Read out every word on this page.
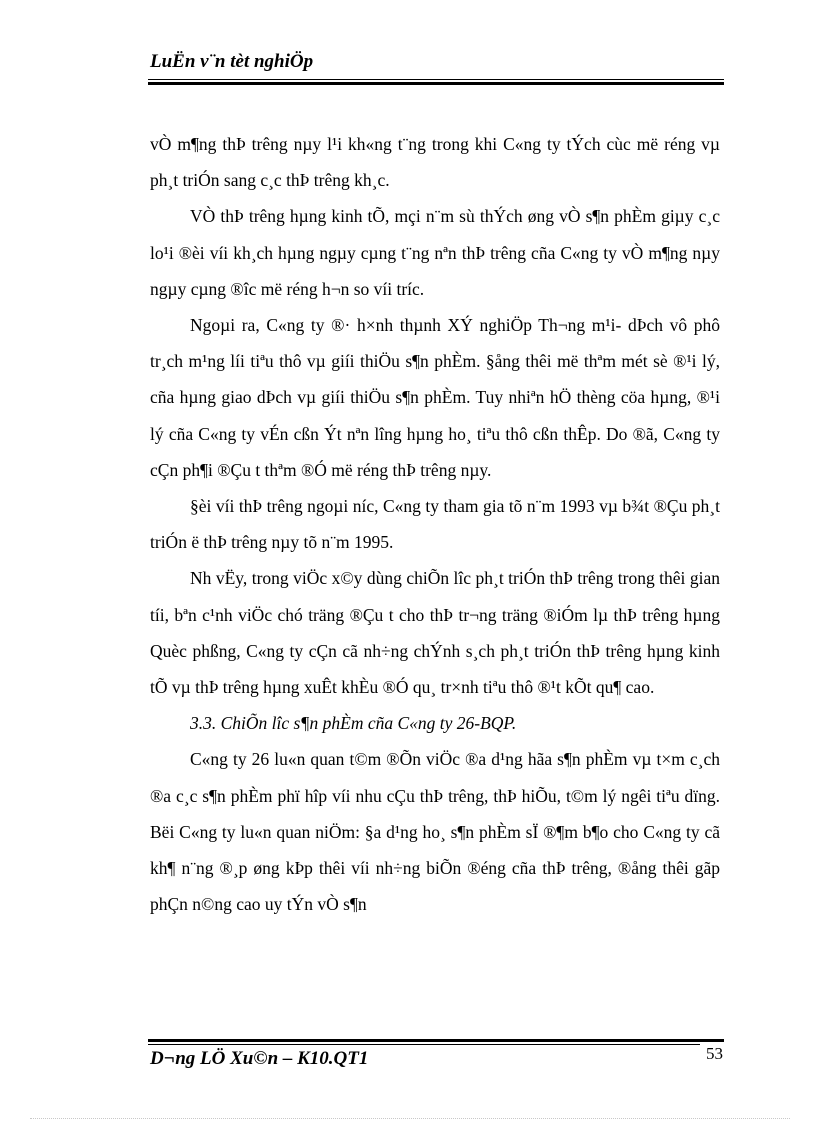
LuËn v¨n tèt nghiÖp

vÒ m¶ng thÞ trêng nµy l¹i kh«ng t¨ng trong khi C«ng ty tÝch cùc më réng vµ ph¸t triÓn sang c¸c thÞ trêng kh¸c.

VÒ thÞ trêng hµng kinh tÕ, mçi n¨m sù thÝch øng vÒ s¶n phÈm giµy c¸c lo¹i ®èi víi kh¸ch hµng ngµy cµng t¨ng nªn thÞ trêng cña C«ng ty vÒ m¶ng nµy ngµy cµng ®îc më réng h¬n so víi tríc.

Ngoµi ra, C«ng ty ®· h×nh thµnh XÝ nghiÖp Th¬ng m¹i- dÞch vô phô tr¸ch m¹ng líi tiªu thô vµ giíi thiÖu s¶n phÈm. §ång thêi më thªm mét sè ®¹i lý, cña hµng giao dÞch vµ giíi thiÖu s¶n phÈm. Tuy nhiªn hÖ thèng cöa hµng, ®¹i lý cña C«ng ty vÉn cßn Ýt nªn lîng hµng ho¸ tiªu thô cßn thÊp. Do ®ã, C«ng ty cÇn ph¶i ®Çu t thªm ®Ó më réng thÞ trêng nµy.

§èi víi thÞ trêng ngoµi níc, C«ng ty tham gia tõ n¨m 1993 vµ b¾t ®Çu ph¸t triÓn ë thÞ trêng nµy tõ n¨m 1995.

Nh vËy, trong viÖc x©y dùng chiÕn lîc ph¸t triÓn thÞ trêng trong thêi gian tíi, bªn c¹nh viÖc chó träng ®Çu t cho thÞ tr¬ng träng ®iÓm lµ thÞ trêng hµng Quèc phßng, C«ng ty cÇn cã nh÷ng chÝnh s¸ch ph¸t triÓn thÞ trêng hµng kinh tÕ vµ thÞ trêng hµng xuÊt khÈu ®Ó qu¸ tr×nh tiªu thô ®¹t kÕt qu¶ cao.

3.3. ChiÕn lîc s¶n phÈm cña C«ng ty 26-BQP.

C«ng ty 26 lu«n quan t©m ®Õn viÖc ®a d¹ng hãa s¶n phÈm vµ t×m c¸ch ®a c¸c s¶n phÈm phï hîp víi nhu cÇu thÞ trêng, thÞ hiÕu, t©m lý ngêi tiªu dïng. Bëi C«ng ty lu«n quan niÖm: §a d¹ng ho¸ s¶n phÈm sÏ ®¶m b¶o cho C«ng ty cã kh¶ n¨ng ®¸p øng kÞp thêi víi nh÷ng biÕn ®éng cña thÞ trêng, ®ång thêi gãp phÇn n©ng cao uy tÝn vÒ s¶n

53
D¬ng LÖ Xu©n – K10.QT1
